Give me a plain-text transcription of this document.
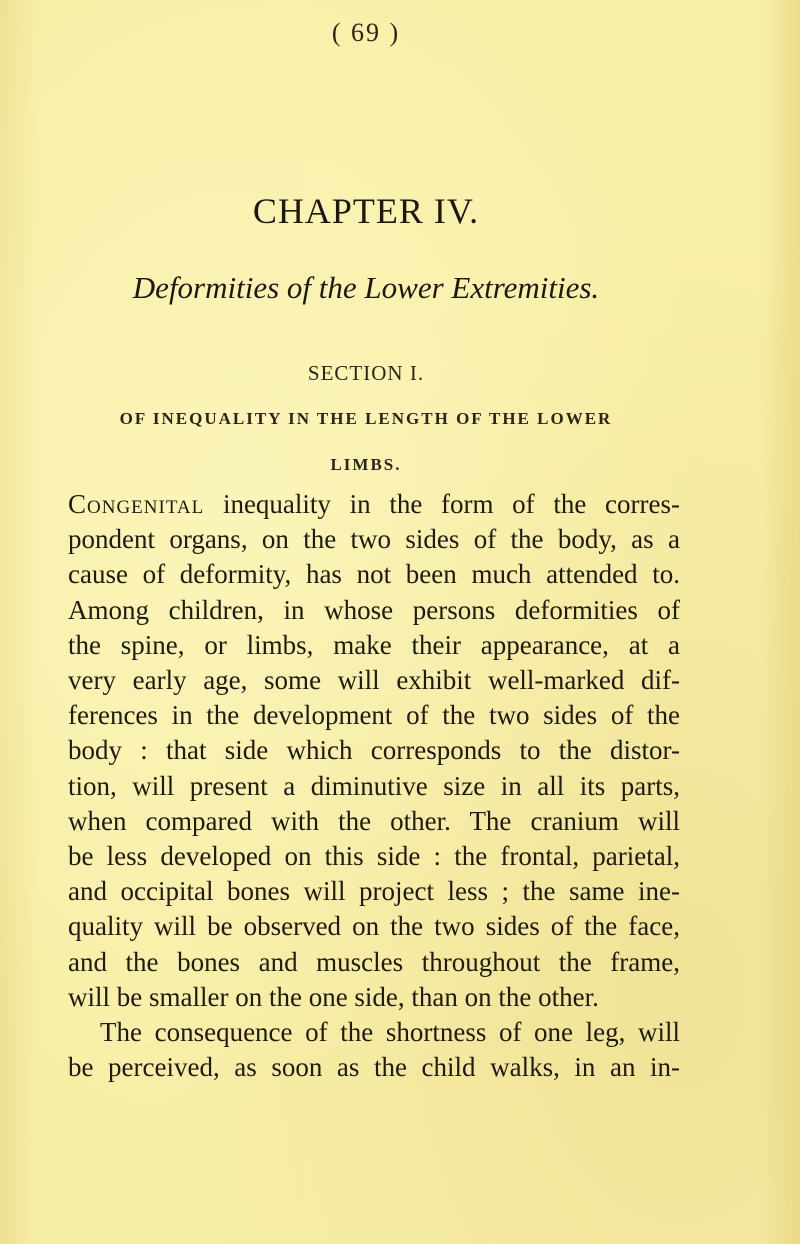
( 69 )
CHAPTER IV.
Deformities of the Lower Extremities.
SECTION I.
OF INEQUALITY IN THE LENGTH OF THE LOWER
LIMBS.
Congenital inequality in the form of the corres-
pondent organs, on the two sides of the body, as a
cause of deformity, has not been much attended to.
Among children, in whose persons deformities of
the spine, or limbs, make their appearance, at a
very early age, some will exhibit well-marked dif-
ferences in the development of the two sides of the
body : that side which corresponds to the distor-
tion, will present a diminutive size in all its parts,
when compared with the other. The cranium will
be less developed on this side : the frontal, parietal,
and occipital bones will project less ; the same ine-
quality will be observed on the two sides of the face,
and the bones and muscles throughout the frame,
will be smaller on the one side, than on the other.
The consequence of the shortness of one leg, will
be perceived, as soon as the child walks, in an in-
